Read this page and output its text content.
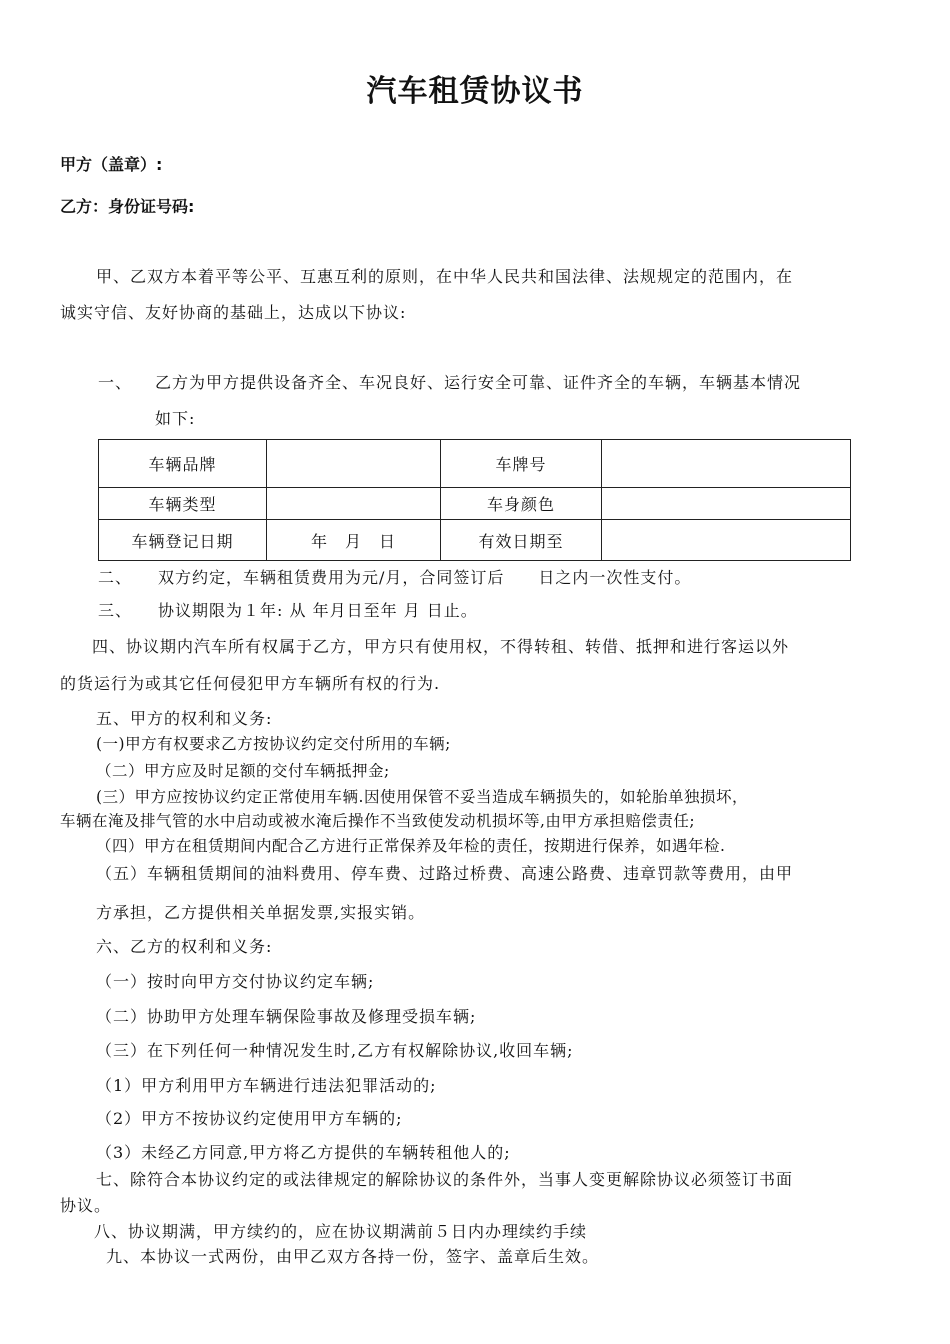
汽车租赁协议书
甲方（盖章）:
乙方：身份证号码:
甲、乙双方本着平等公平、互惠互利的原则，在中华人民共和国法律、法规规定的范围内，在
诚实守信、友好协商的基础上，达成以下协议:
一、 乙方为甲方提供设备齐全、车况良好、运行安全可靠、证件齐全的车辆，车辆基本情况
如下:
车辆品牌		车牌号	
车辆类型		车身颜色	
车辆登记日期	年　月　日	有效日期至	
二、　　双方约定，车辆租赁费用为元/月，合同签订后　　日之内一次性支付。
三、　　协议期限为１年: 从 年月日至年 月 日止。
四、协议期内汽车所有权属于乙方，甲方只有使用权，不得转租、转借、抵押和进行客运以外
的货运行为或其它任何侵犯甲方车辆所有权的行为.
五、甲方的权利和义务:
(一)甲方有权要求乙方按协议约定交付所用的车辆;
（二）甲方应及时足额的交付车辆抵押金;
(三）甲方应按协议约定正常使用车辆.因使用保管不妥当造成车辆损失的，如轮胎单独损坏，
车辆在淹及排气管的水中启动或被水淹后操作不当致使发动机损坏等,由甲方承担赔偿责任;
（四）甲方在租赁期间内配合乙方进行正常保养及年检的责任，按期进行保养，如遇年检.
（五）车辆租赁期间的油料费用、停车费、过路过桥费、高速公路费、违章罚款等费用，由甲
方承担，乙方提供相关单据发票,实报实销。
六、乙方的权利和义务:
（一）按时向甲方交付协议约定车辆;
（二）协助甲方处理车辆保险事故及修理受损车辆;
（三）在下列任何一种情况发生时,乙方有权解除协议,收回车辆;
（1）甲方利用甲方车辆进行违法犯罪活动的;
（2）甲方不按协议约定使用甲方车辆的;
（3）未经乙方同意,甲方将乙方提供的车辆转租他人的;
七、除符合本协议约定的或法律规定的解除协议的条件外，当事人变更解除协议必须签订书面
协议。
八、协议期满，甲方续约的，应在协议期满前５日内办理续约手续
九、本协议一式两份，由甲乙双方各持一份，签字、盖章后生效。
